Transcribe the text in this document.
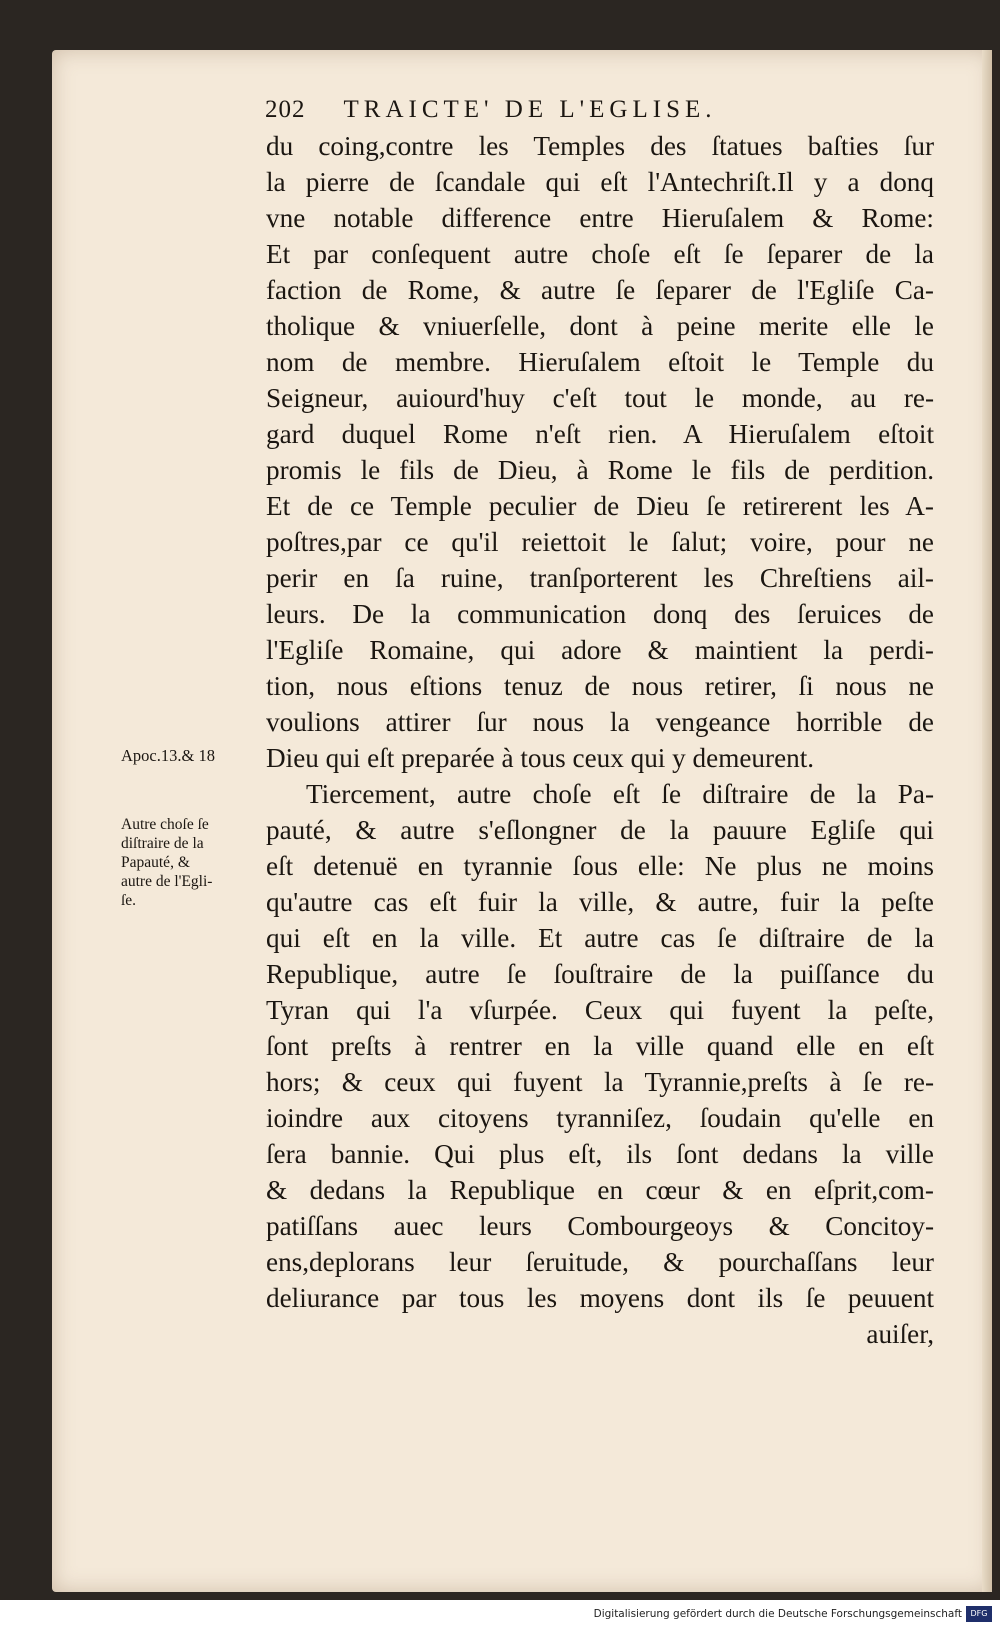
202 TRAICTE' DE L'EGLISE.
du coing,contre les Temples des ſtatues baſties ſur
la pierre de ſcandale qui eſt l'Antechriſt.Il y a donq
vne notable difference entre Hieruſalem & Rome:
Et par conſequent autre choſe eſt ſe ſeparer de la
faction de Rome, & autre ſe ſeparer de l'Egliſe Ca-
tholique & vniuerſelle, dont à peine merite elle le
nom de membre. Hieruſalem eſtoit le Temple du
Seigneur, auiourd'huy c'eſt tout le monde, au re-
gard duquel Rome n'eſt rien. A Hieruſalem eſtoit
promis le fils de Dieu, à Rome le fils de perdition.
Et de ce Temple peculier de Dieu ſe retirerent les A-
poſtres,par ce qu'il reiettoit le ſalut; voire, pour ne
perir en ſa ruine, tranſporterent les Chreſtiens ail-
leurs. De la communication donq des ſeruices de
l'Egliſe Romaine, qui adore & maintient la perdi-
tion, nous eſtions tenuz de nous retirer, ſi nous ne
voulions attirer ſur nous la vengeance horrible de
Dieu qui eſt preparée à tous ceux qui y demeurent.
Tiercement, autre choſe eſt ſe diſtraire de la Pa-
pauté, & autre s'eſlongner de la pauure Egliſe qui
eſt detenuë en tyrannie ſous elle: Ne plus ne moins
qu'autre cas eſt fuir la ville, & autre, fuir la peſte
qui eſt en la ville. Et autre cas ſe diſtraire de la
Republique, autre ſe ſouſtraire de la puiſſance du
Tyran qui l'a vſurpée. Ceux qui fuyent la peſte,
ſont preſts à rentrer en la ville quand elle en eſt
hors; & ceux qui fuyent la Tyrannie,preſts à ſe re-
ioindre aux citoyens tyranniſez, ſoudain qu'elle en
ſera bannie. Qui plus eſt, ils ſont dedans la ville
& dedans la Republique en cœur & en eſprit,com-
patiſſans auec leurs Combourgeoys & Concitoy-
ens,deplorans leur ſeruitude, & pourchaſſans leur
deliurance par tous les moyens dont ils ſe peuuent
auiſer,
Apoc.13.& 18
Autre choſe ſe
diſtraire de la
Papauté, &
autre de l'Egli-
ſe.
Digitalisierung gefördert durch die Deutsche Forschungsgemeinschaft	DFG
